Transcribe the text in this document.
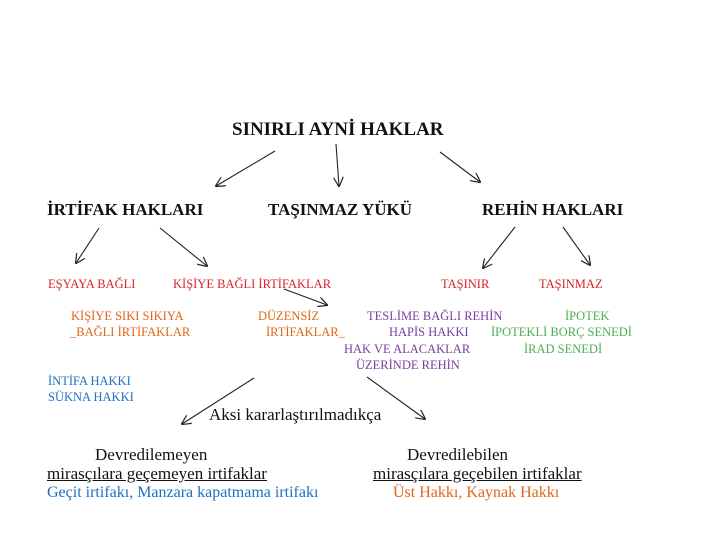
SINIRLI AYNİ HAKLAR
İRTİFAK HAKLARI	TAŞINMAZ YÜKÜ	REHİN HAKLARI
EŞYAYA BAĞLI	KİŞİYE BAĞLI İRTİFAKLAR	TAŞINIR	TAŞINMAZ
KİŞİYE SIKI SIKIYA
_BAĞLI İRTİFAKLAR
DÜZENSİZ
İRTİFAKLAR_
TESLİME BAĞLI REHİN
HAPİS HAKKI
HAK VE ALACAKLAR
ÜZERİNDE REHİN
İPOTEK
İPOTEKLİ BORÇ SENEDİ
İRAD SENEDİ
İNTİFA HAKKI
SÜKNA HAKKI
Aksi kararlaştırılmadıkça
Devredilemeyen
mirasçılara geçemeyen irtifaklar
Geçit irtifakı, Manzara kapatmama irtifakı
Devredilebilen
mirasçılara geçebilen irtifaklar
Üst Hakkı, Kaynak Hakkı
